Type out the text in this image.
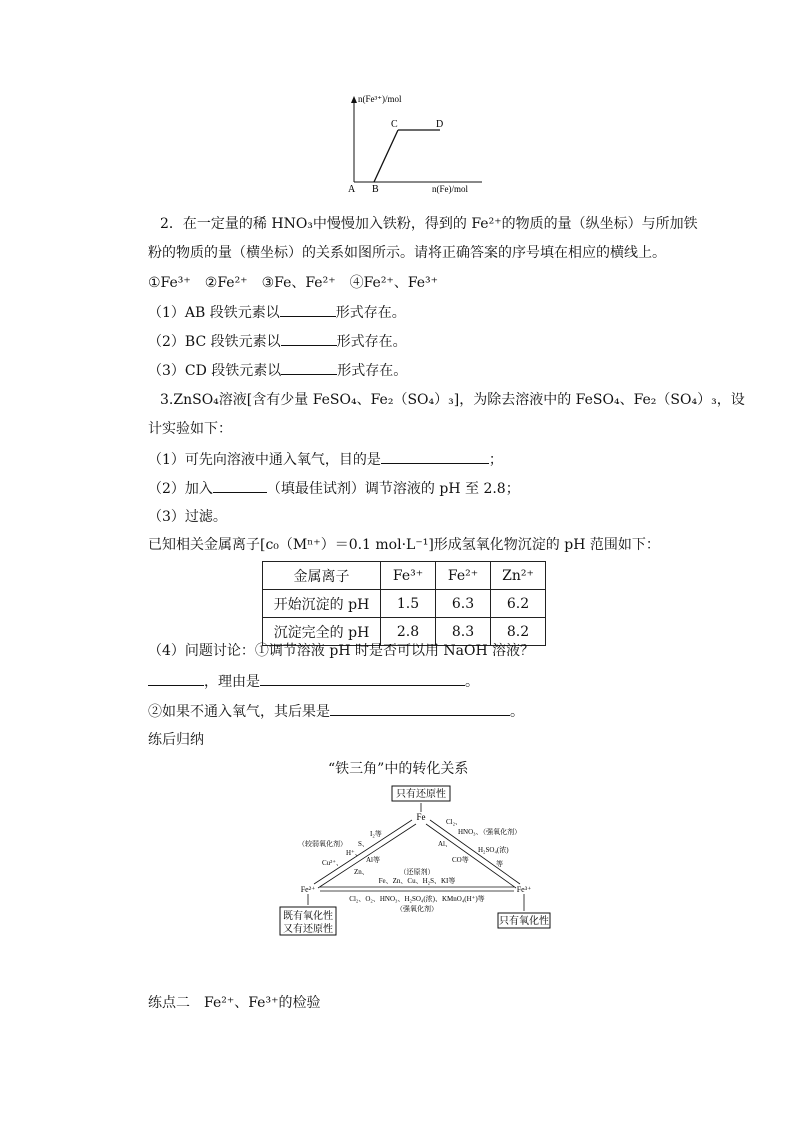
n(Fe³⁺)/mol
n(Fe)/mol
A B
C	D
2．在一定量的稀 HNO₃中慢慢加入铁粉，得到的 Fe²⁺的物质的量（纵坐标）与所加铁
粉的物质的量（横坐标）的关系如图所示。请将正确答案的序号填在相应的横线上。
①Fe³⁺　②Fe²⁺　③Fe、Fe²⁺　④Fe²⁺、Fe³⁺
（1）AB 段铁元素以	形式存在。
（2）BC 段铁元素以	形式存在。
（3）CD 段铁元素以	形式存在。
3.ZnSO₄溶液[含有少量 FeSO₄、Fe₂（SO₄）₃]，为除去溶液中的 FeSO₄、Fe₂（SO₄）₃，设
计实验如下：
（1）可先向溶液中通入氧气，目的是	；
（2）加入	（填最佳试剂）调节溶液的 pH 至 2.8；
（3）过滤。
已知相关金属离子[c₀（Mⁿ⁺）＝0.1 mol·L⁻¹]形成氢氧化物沉淀的 pH 范围如下：
金属离子	Fe³⁺	Fe²⁺	Zn²⁺
开始沉淀的 pH	1.5	6.3	6.2
沉淀完全的 pH	2.8	8.3	8.2
（4）问题讨论：①调节溶液 pH 时是否可以用 NaOH 溶液？
，理由是	。
②如果不通入氧气，其后果是	。
练后归纳
“铁三角”中的转化关系
只有还原性
既有氧化性
又有还原性
只有氧化性
Fe
Fe²⁺	Fe³⁺
（较弱氧化剂）
I₂等
S、
H⁺、
Cu²⁺、	Al等
Zn、
Cl₂、
HNO₃、（强氧化剂）
Al、
H₂SO₄(浓)
CO等	等
（还原剂）
Fe、Zn、Cu、H₂S、KI等
Cl₂、O₂、HNO₃、H₂SO₄(浓)、KMnO₄(H⁺)等
（强氧化剂）
练点二　Fe²⁺、Fe³⁺的检验
